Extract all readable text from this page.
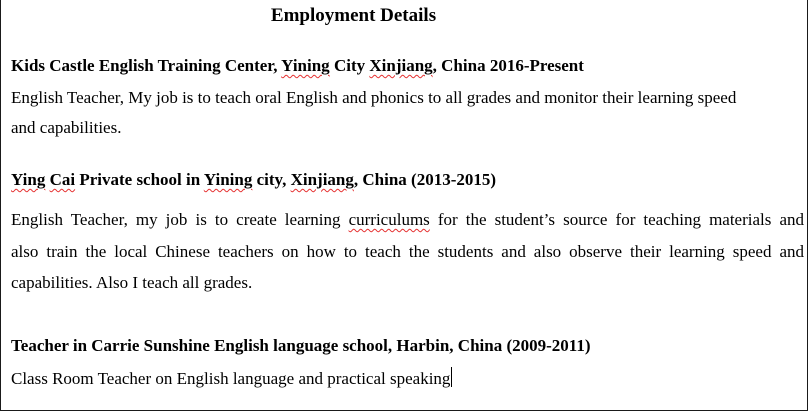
Employment Details
Kids Castle English Training Center, Yining City Xinjiang, China 2016-Present
English Teacher, My job is to teach oral English and phonics to all grades and monitor their learning speed
and capabilities.
Ying Cai Private school in Yining city, Xinjiang, China (2013-2015)
English Teacher, my job is to create learning curriculums for the student’s source for teaching materials and
also train the local Chinese teachers on how to teach the students and also observe their learning speed and
capabilities. Also I teach all grades.
Teacher in Carrie Sunshine English language school, Harbin, China (2009-2011)
Class Room Teacher on English language and practical speaking
